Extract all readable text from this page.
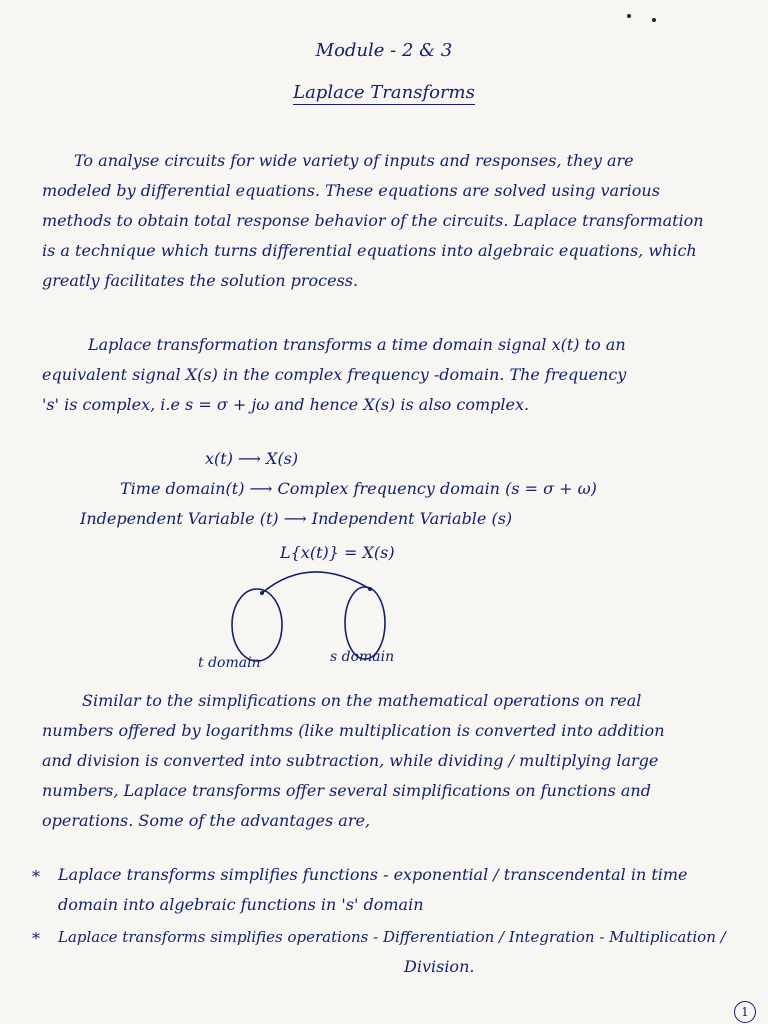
Module - 2 & 3
Laplace Transforms
To analyse circuits for wide variety of inputs and responses, they are
modeled by differential equations. These equations are solved using various
methods to obtain total response behavior of the circuits. Laplace transformation
is a technique which turns differential equations into algebraic equations, which
greatly facilitates the solution process.
Laplace transformation transforms a time domain signal x(t) to an
equivalent signal X(s) in the complex frequency -domain. The frequency
's' is complex, i.e s = σ + jω and hence X(s) is also complex.
x(t) ⟶ X(s)
Time domain(t) ⟶ Complex frequency domain (s = σ + ω)
Independent Variable (t) ⟶ Independent Variable (s)
L{x(t)} = X(s)
t domain	s domain
Similar to the simplifications on the mathematical operations on real
numbers offered by logarithms (like multiplication is converted into addition
and division is converted into subtraction, while dividing / multiplying large
numbers, Laplace transforms offer several simplifications on functions and
operations. Some of the advantages are,
* Laplace transforms simplifies functions - exponential / transcendental in time
domain into algebraic functions in 's' domain
* Laplace transforms simplifies operations - Differentiation / Integration - Multiplication /
Division.
1
